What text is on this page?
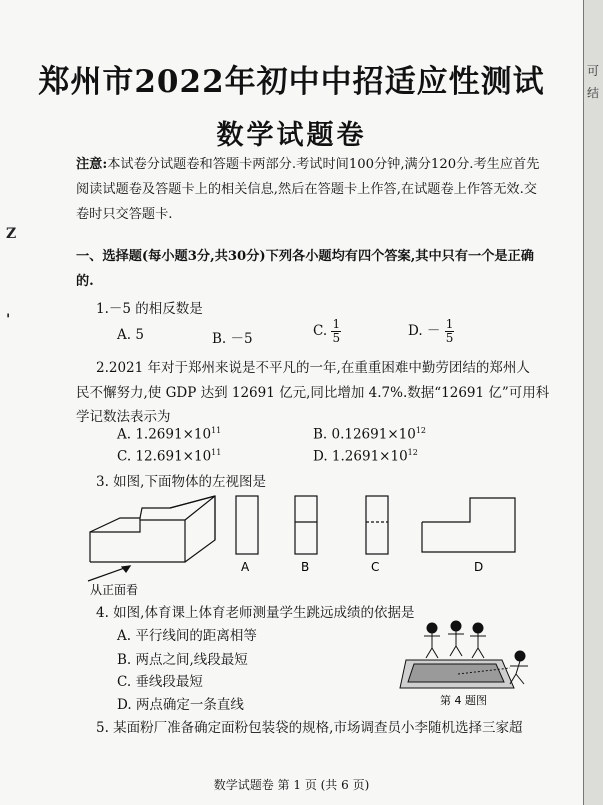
Z
'
郑州市2022年初中中招适应性测试
数学试题卷
注意:本试卷分试题卷和答题卡两部分.考试时间100分钟,满分120分.考生应首先阅读试题卷及答题卡上的相关信息,然后在答题卡上作答,在试题卷上作答无效.交卷时只交答题卡.
一、选择题(每小题3分,共30分)下列各小题均有四个答案,其中只有一个是正确的.
1.－5 的相反数是
A. 5	B. －5	C. $\frac{1}{5}$	D. － $\frac{1}{5}$
2.2021 年对于郑州来说是不平凡的一年,在重重困难中勤劳团结的郑州人
民不懈努力,使 GDP 达到 12691 亿元,同比增加 4.7%.数据“12691 亿”可用科
学记数法表示为
A. $1.2691\times 10^{11}$	B. $0.12691\times 10^{12}$
C. $12.691\times 10^{11}$	D. $1.2691\times 10^{12}$
3. 如图,下面物体的左视图是
从正面看
A	B	C	D
4. 如图,体育课上体育老师测量学生跳远成绩的依据是
A. 平行线间的距离相等
B. 两点之间,线段最短
C. 垂线段最短
D. 两点确定一条直线	第 4 题图
5. 某面粉厂准备确定面粉包装袋的规格,市场调查员小李随机选择三家超
数学试题卷 第 1 页 (共 6 页)
可
结
